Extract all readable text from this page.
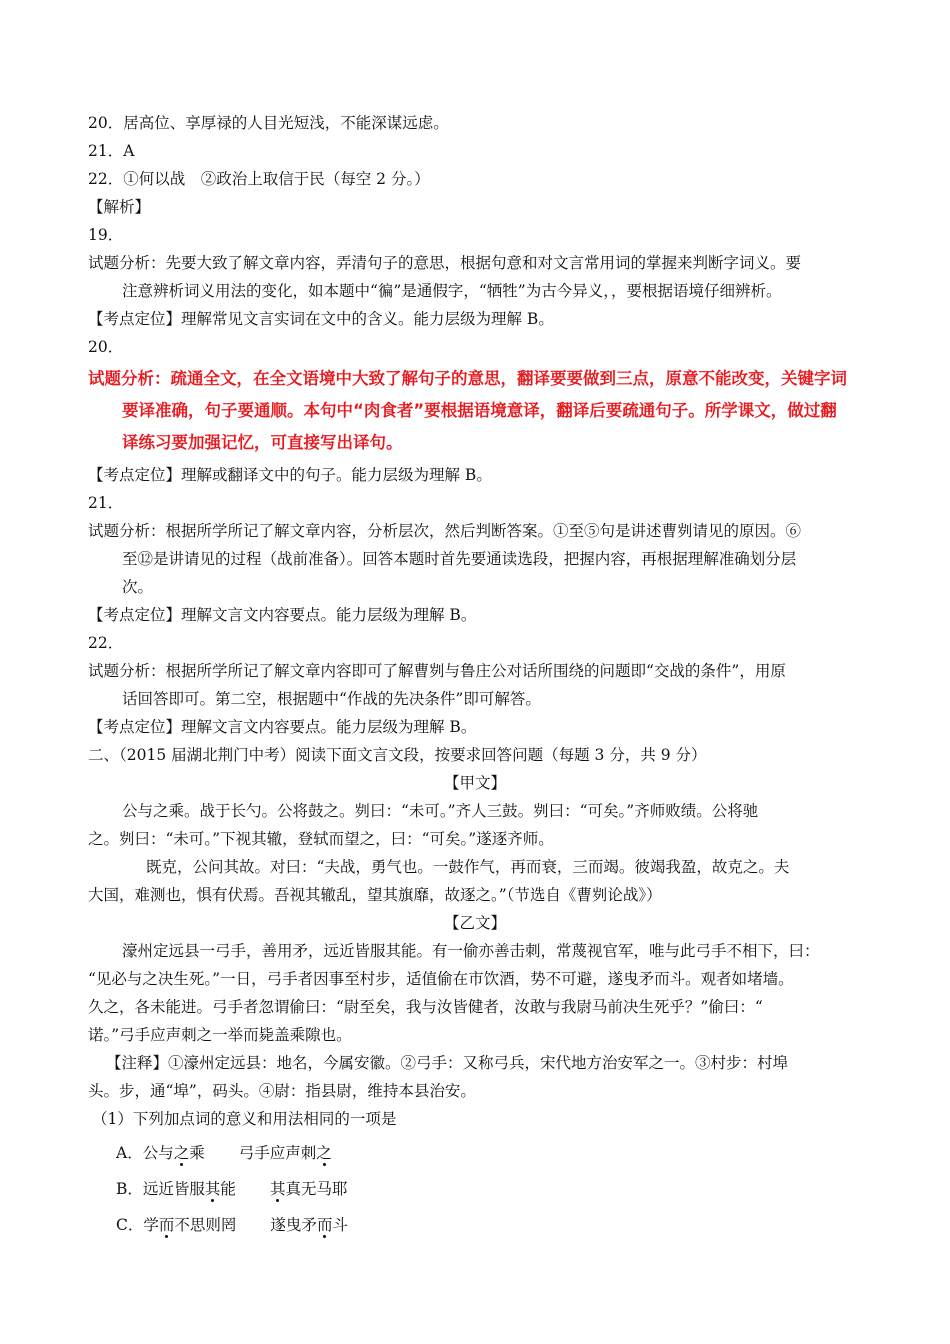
20．居高位、享厚禄的人目光短浅，不能深谋远虑。
21．A
22．①何以战　②政治上取信于民（每空 2 分。）
【解析】
19．
试题分析：先要大致了解文章内容，弄清句子的意思，根据句意和对文言常用词的掌握来判断字词义。要
注意辨析词义用法的变化，如本题中“徧”是通假字，“牺牲”为古今异义，，要根据语境仔细辨析。
【考点定位】理解常见文言实词在文中的含义。能力层级为理解 B。
20．
试题分析：疏通全文，在全文语境中大致了解句子的意思，翻译要要做到三点，原意不能改变，关键字词
要译准确，句子要通顺。本句中“肉食者”要根据语境意译，翻译后要疏通句子。所学课文，做过翻
译练习要加强记忆，可直接写出译句。
【考点定位】理解或翻译文中的句子。能力层级为理解 B。
21．
试题分析：根据所学所记了解文章内容，分析层次，然后判断答案。①至⑤句是讲述曹刿请见的原因。⑥
至⑫是讲请见的过程（战前准备）。回答本题时首先要通读选段，把握内容，再根据理解准确划分层
次。
【考点定位】理解文言文内容要点。能力层级为理解 B。
22．
试题分析：根据所学所记了解文章内容即可了解曹刿与鲁庄公对话所围绕的问题即“交战的条件”，用原
话回答即可。第二空，根据题中“作战的先决条件”即可解答。
【考点定位】理解文言文内容要点。能力层级为理解 B。
二、（2015 届湖北荆门中考）阅读下面文言文段，按要求回答问题（每题 3 分，共 9 分）
【甲文】
公与之乘。战于长勺。公将鼓之。刿曰：“未可。”齐人三鼓。刿曰：“可矣。”齐师败绩。公将驰
之。刿曰：“未可。”下视其辙，登轼而望之，曰：“可矣。”遂逐齐师。
既克，公问其故。对曰：“夫战，勇气也。一鼓作气，再而衰，三而竭。彼竭我盈，故克之。夫
大国，难测也，惧有伏焉。吾视其辙乱，望其旗靡，故逐之。”（节选自《曹刿论战》）
【乙文】
濠州定远县一弓手，善用矛，远近皆服其能。有一偷亦善击刺，常蔑视官军，唯与此弓手不相下，曰：
“见必与之决生死。”一日，弓手者因事至村步，适值偷在市饮酒，势不可避，遂曳矛而斗。观者如堵墙。
久之，各未能进。弓手者忽谓偷曰：“尉至矣，我与汝皆健者，汝敢与我尉马前决生死乎？”偷曰：“
诺。”弓手应声刺之一举而毙盖乘隙也。
【注释】①濠州定远县：地名，今属安徽。②弓手：又称弓兵，宋代地方治安军之一。③村步：村埠
头。步，通“埠”，码头。④尉：指县尉，维持本县治安。
（1）下列加点词的意义和用法相同的一项是
A．公与之乘 弓手应声刺之
B．远近皆服其能 其真无马耶
C．学而不思则罔 遂曳矛而斗
